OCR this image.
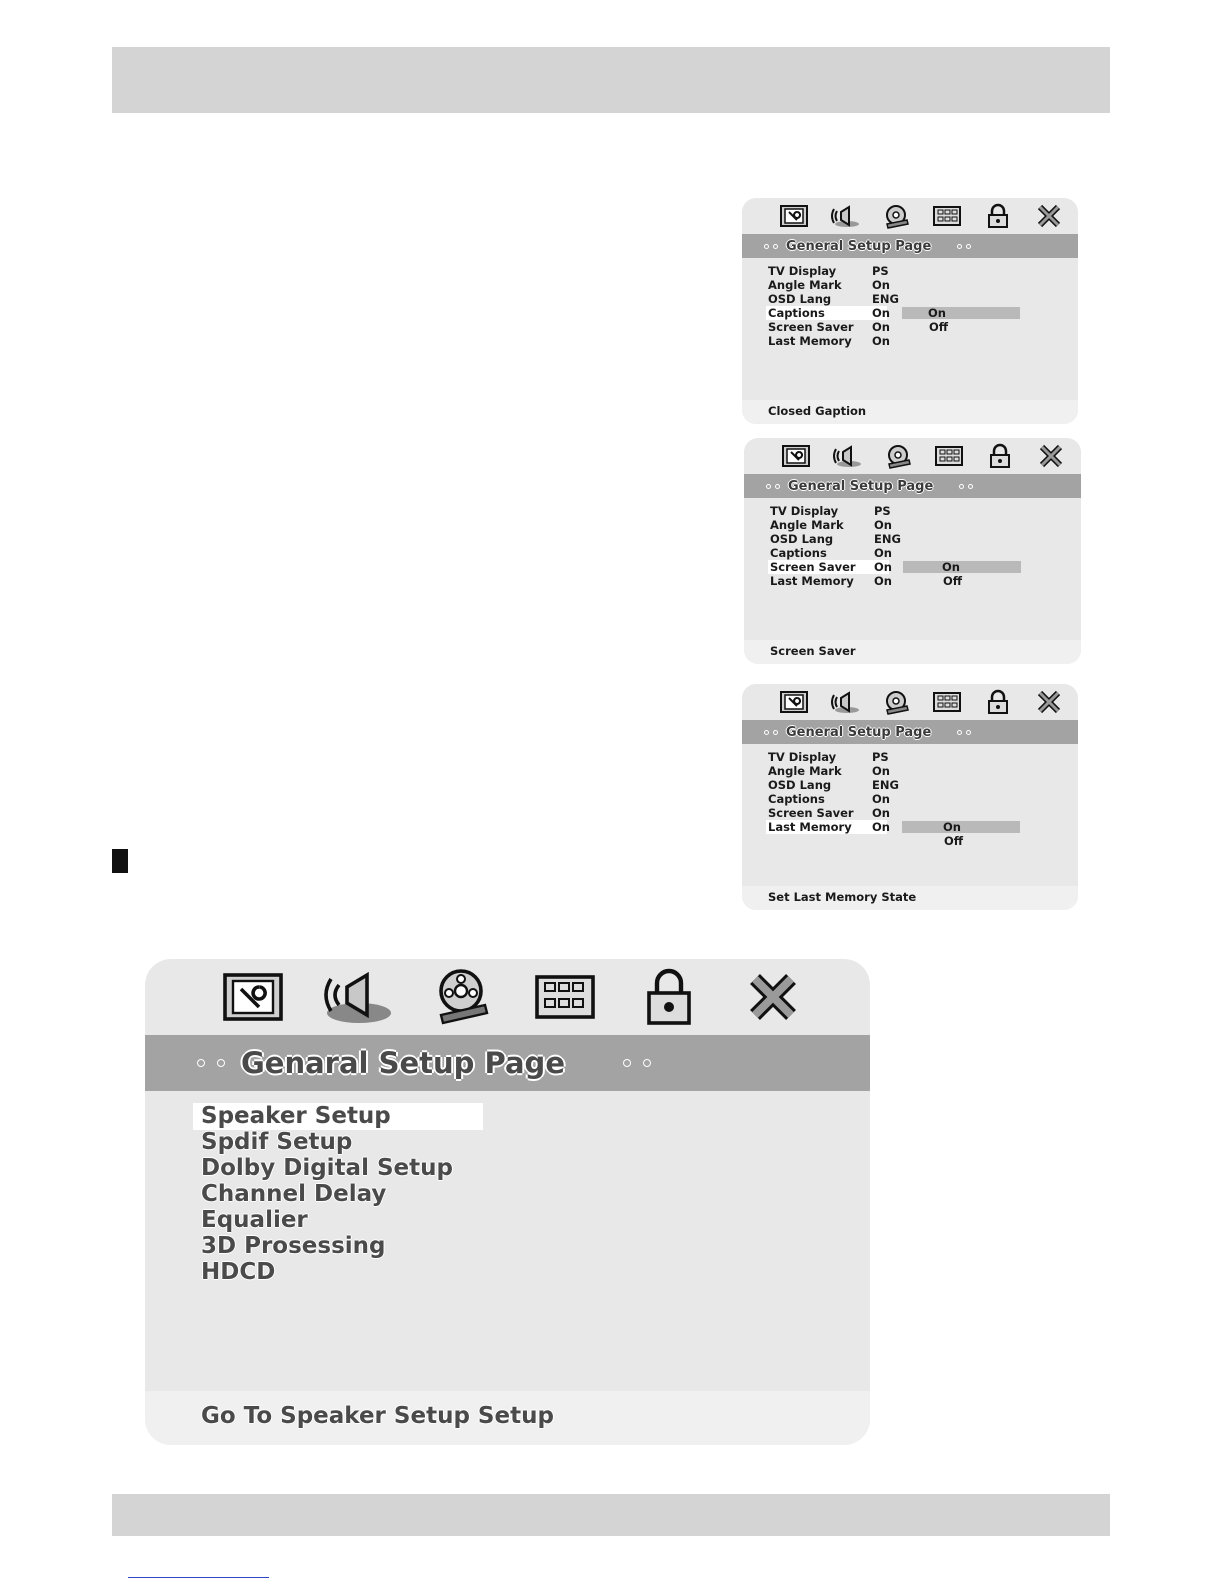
General Setup Page
TV Display	PS
Angle Mark	On
OSD Lang	ENG
Captions	On	On
Screen Saver On	Off
Last Memory On
Closed Gaption
General Setup Page
TV Display	PS
Angle Mark	On
OSD Lang	ENG
Captions	On
Screen Saver On	On
Last Memory On	Off
Screen Saver
General Setup Page
TV Display	PS
Angle Mark	On
OSD Lang	ENG
Captions	On
Screen Saver On
Last Memory On	On
Off
Set Last Memory State
Genaral Setup Page
Speaker Setup
Spdif Setup
Dolby Digital Setup
Channel Delay
Equalier
3D Prosessing
HDCD
Go To Speaker Setup Setup
